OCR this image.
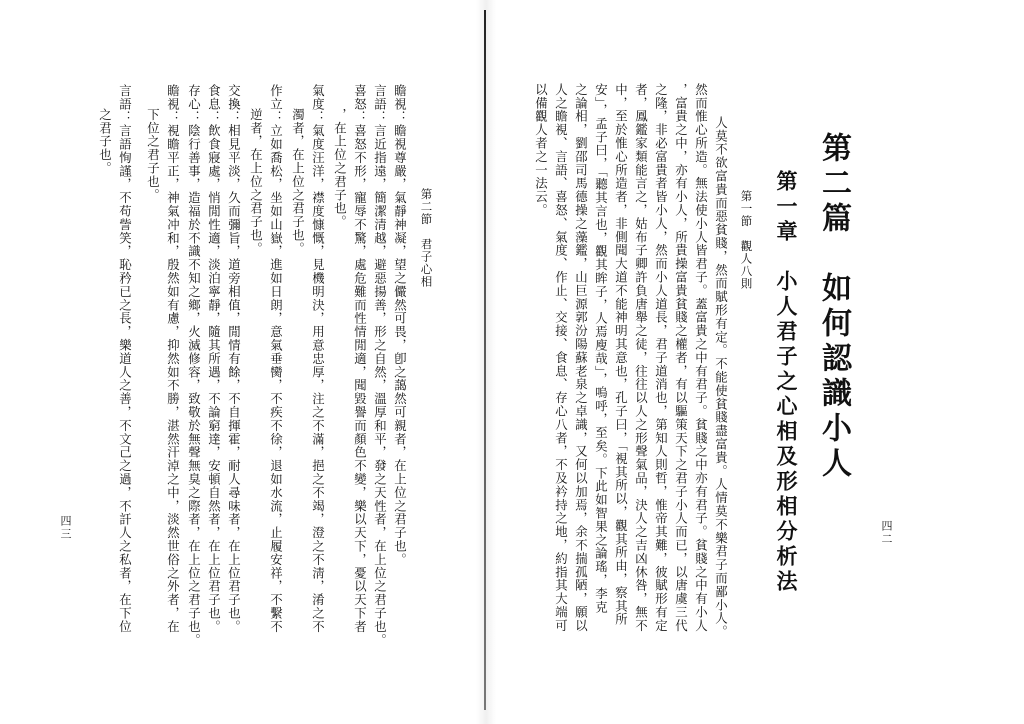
第二篇　如何認識小人
第一章　小人君子之心相及形相分析法
第一節　觀人八則
人莫不欲富貴而惡貧賤，然而賦形有定。不能使貧賤盡富貴。人情莫不樂君子而鄙小人。
然而惟心所造。無法使小人皆君子。蓋富貴之中有君子。貧賤之中亦有君子。貧賤之中有小人
，富貴之中，亦有小人，所貴操富貴貧賤之權者，有以驅策天下之君子小人而已，以唐虞三代
之隆，非必富貴者皆小人，然而小人道長，君子道消也，第知人則哲，惟帝其難，彼賦形有定
者，鳳鑑家類能言之，姑布子卿許負唐舉之徒，往往以人之形聲氣品，決人之吉凶休咎，無不
中，至於惟心所造者，非側聞大道不能神明其意也，孔子曰，「視其所以，觀其所由，察其所
安」，孟子曰，「聽其言也，觀其眸子，人焉廋哉」，嗚呼，至矣。下此如智果之論瑤，李克
之論相，劉邵司馬德操之藻鑑，山巨源郭汾陽蘇老泉之卓識，又何以加焉，余不揣孤陋，願以
人之瞻視、言語、喜怒、氣度、作止、交接、食息、存心八者，不及衿持之地，約指其大端可
以備觀人者之一法云。
四二
第二節　君子心相
瞻視：瞻視尊嚴，氣靜神凝，望之儼然可畏，卽之藹然可親者，在上位之君子也。
言語：言近指遠，簡潔清越，避惡揚善，形之自然，溫厚和平，發之天性者，在上位之君子也。
喜怒：喜怒不形，寵辱不驚，處危難而性情閒適，聞毀譽而顏色不變，樂以天下，憂以天下者
，在上位之君子也。
氣度：氣度汪洋，襟度慷慨，見機明決，用意忠厚，注之不滿，挹之不竭，澄之不淸，淆之不
濁者，在上位之君子也。
作立：立如喬松，坐如山嶽，進如日朗，意氣垂臠，不疾不徐，退如水流，止履安祥，不繫不
逆者，在上位之君子也。
交換：相見平淡，久而彌旨，道旁相值，閒情有餘，不自揮霍，耐人尋味者，在上位君子也。
食息：飲食寢處，悄閒性適，淡泊寧靜，隨其所遇，不論窮達，安頓自然者，在上位君子也。
存心：陰行善事，造福於不識不知之鄉，火滅修容，致敬於無聲無臭之際者，在上位之君子也。
瞻視：視瞻平正，神氣冲和，殷然如有慮，抑然如不勝，湛然汗淖之中，淡然世俗之外者，在
下位之君子也。
言語：言語恂謹，不苟訾笑，恥矜已之長，樂道人之善，不文己之過，不訐人之私者，在下位
之君子也。
四三
